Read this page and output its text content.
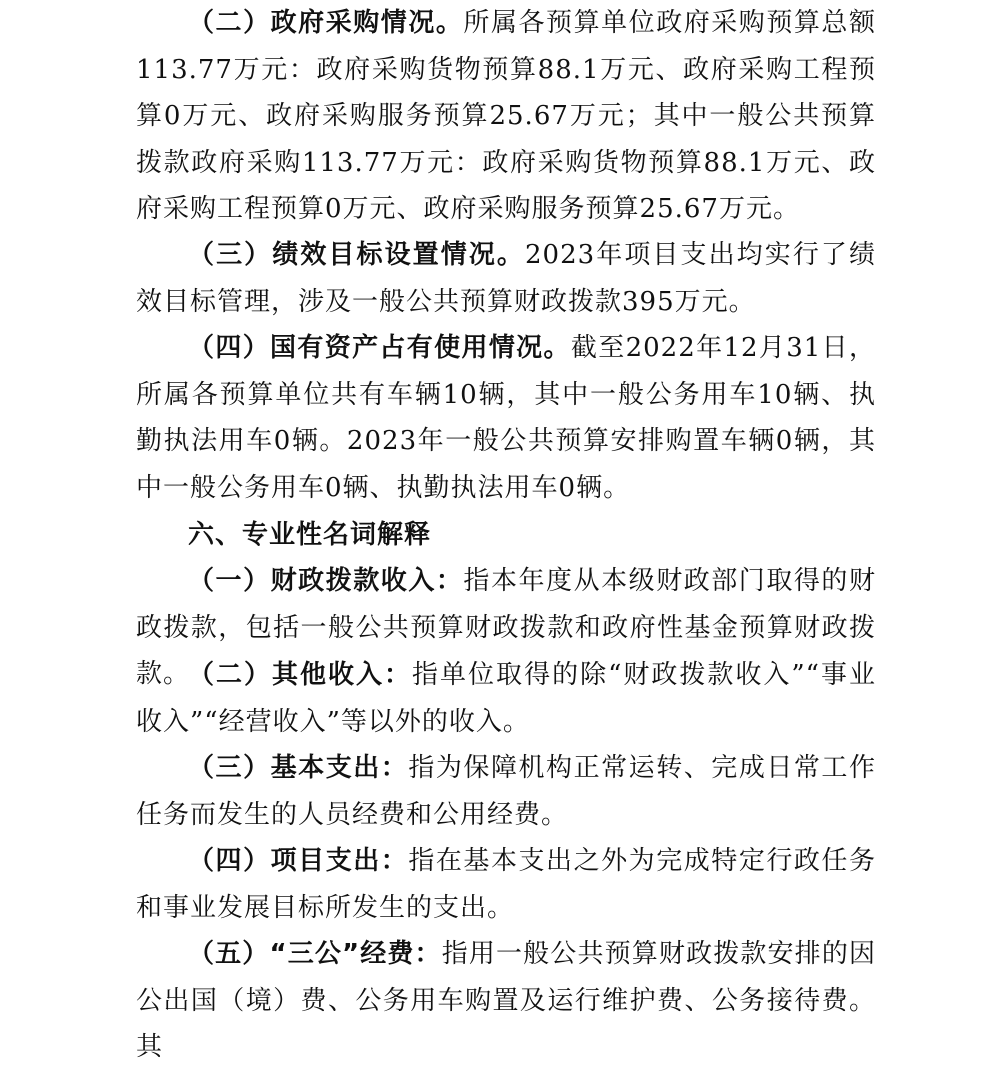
（二）政府采购情况。所属各预算单位政府采购预算总额113.77万元：政府采购货物预算88.1万元、政府采购工程预算0万元、政府采购服务预算25.67万元；其中一般公共预算拨款政府采购113.77万元：政府采购货物预算88.1万元、政府采购工程预算0万元、政府采购服务预算25.67万元。

（三）绩效目标设置情况。2023年项目支出均实行了绩效目标管理，涉及一般公共预算财政拨款395万元。

（四）国有资产占有使用情况。截至2022年12月31日，所属各预算单位共有车辆10辆，其中一般公务用车10辆、执勤执法用车0辆。2023年一般公共预算安排购置车辆0辆，其中一般公务用车0辆、执勤执法用车0辆。

六、专业性名词解释

（一）财政拨款收入：指本年度从本级财政部门取得的财政拨款，包括一般公共预算财政拨款和政府性基金预算财政拨款。

（二）其他收入：指单位取得的除“财政拨款收入”“事业收入”“经营收入”等以外的收入。

（三）基本支出：指为保障机构正常运转、完成日常工作任务而发生的人员经费和公用经费。

（四）项目支出：指在基本支出之外为完成特定行政任务和事业发展目标所发生的支出。

（五）“三公”经费：指用一般公共预算财政拨款安排的因公出国（境）费、公务用车购置及运行维护费、公务接待费。其
